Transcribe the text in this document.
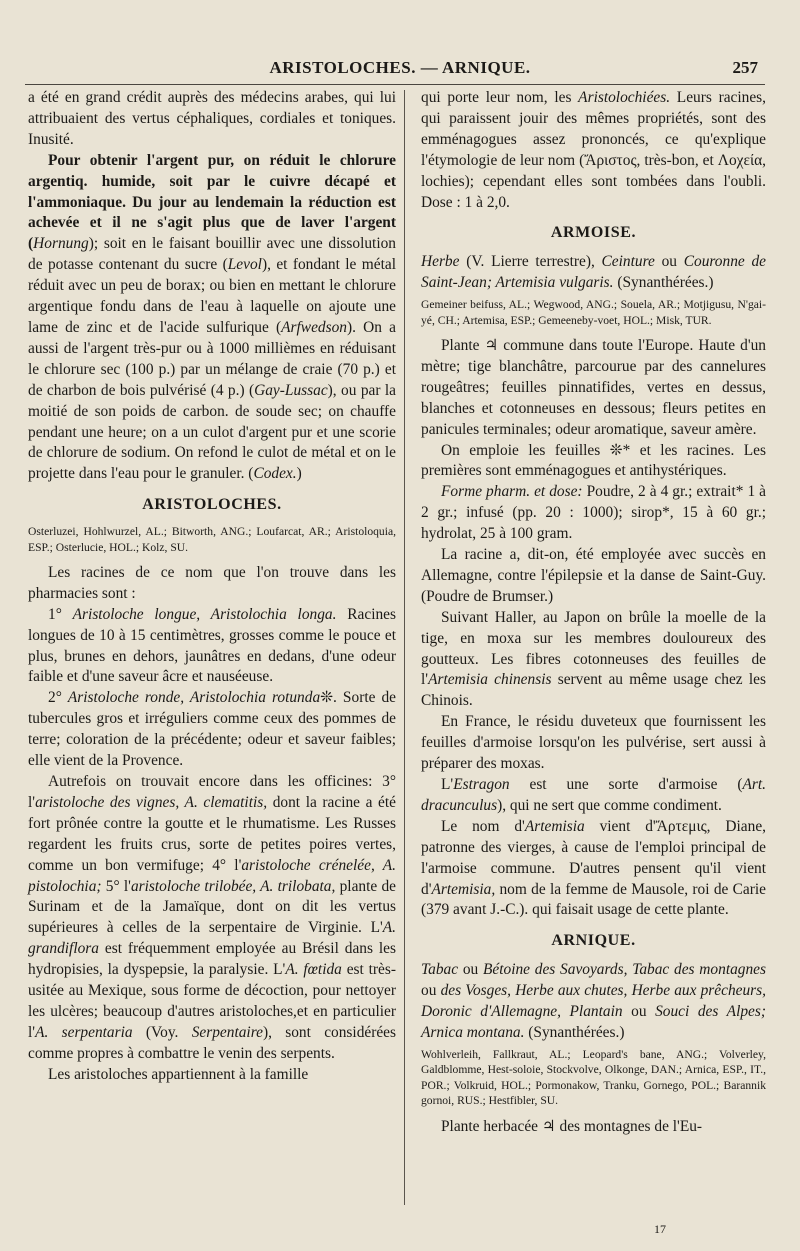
ARISTOLOCHES. — ARNIQUE.	257

a été en grand crédit auprès des médecins arabes, qui lui attribuaient des vertus céphaliques, cordiales et toniques. Inusité.

Pour obtenir l'argent pur, on réduit le chlorure argentiq. humide, soit par le cuivre décapé et l'ammoniaque. Du jour au lendemain la réduction est achevée et il ne s'agit plus que de laver l'argent (Hornung); soit en le faisant bouillir avec une dissolution de potasse contenant du sucre (Levol), et fondant le métal réduit avec un peu de borax; ou bien en mettant le chlorure argentique fondu dans de l'eau à laquelle on ajoute une lame de zinc et de l'acide sulfurique (Arfwedson). On a aussi de l'argent très-pur ou à 1000 millièmes en réduisant le chlorure sec (100 p.) par un mélange de craie (70 p.) et de charbon de bois pulvérisé (4 p.) (Gay-Lussac), ou par la moitié de son poids de carbon. de soude sec; on chauffe pendant une heure; on a un culot d'argent pur et une scorie de chlorure de sodium. On refond le culot de métal et on le projette dans l'eau pour le granuler. (Codex.)

ARISTOLOCHES.
Osterluzei, Hohlwurzel, AL.; Bitworth, ANG.; Loufarcat, AR.; Aristoloquia, ESP.; Osterlucie, HOL.; Kolz, SU.

Les racines de ce nom que l'on trouve dans les pharmacies sont :

1° Aristoloche longue, Aristolochia longa. Racines longues de 10 à 15 centimètres, grosses comme le pouce et plus, brunes en dehors, jaunâtres en dedans, d'une odeur faible et d'une saveur âcre et nauséeuse.

2° Aristoloche ronde, Aristolochia rotunda❊. Sorte de tubercules gros et irréguliers comme ceux des pommes de terre; coloration de la précédente; odeur et saveur faibles; elle vient de la Provence.

Autrefois on trouvait encore dans les officines: 3° l'aristoloche des vignes, A. clematitis, dont la racine a été fort prônée contre la goutte et le rhumatisme. Les Russes regardent les fruits crus, sorte de petites poires vertes, comme un bon vermifuge; 4° l'aristoloche crénelée, A. pistolochia; 5° l'aristoloche trilobée, A. trilobata, plante de Surinam et de la Jamaïque, dont on dit les vertus supérieures à celles de la serpentaire de Virginie. L'A. grandiflora est fréquemment employée au Brésil dans les hydropisies, la dyspepsie, la paralysie. L'A. fœtida est très-usitée au Mexique, sous forme de décoction, pour nettoyer les ulcères; beaucoup d'autres aristoloches,et en particulier l'A. serpentaria (Voy. Serpentaire), sont considérées comme propres à combattre le venin des serpents.

Les aristoloches appartiennent à la famille

qui porte leur nom, les Aristolochiées. Leurs racines, qui paraissent jouir des mêmes propriétés, sont des emménagogues assez prononcés, ce qu'explique l'étymologie de leur nom (Ἄριστος, très-bon, et Λοχεία, lochies); cependant elles sont tombées dans l'oubli. Dose : 1 à 2,0.

ARMOISE.

Herbe (V. Lierre terrestre), Ceinture ou Couronne de Saint-Jean; Artemisia vulgaris. (Synanthérées.)

Gemeiner beifuss, AL.; Wegwood, ANG.; Souela, AR.; Motjigusu, N'gai-yé, CH.; Artemisa, ESP.; Gemeeneby-voet, HOL.; Misk, TUR.

Plante ♃ commune dans toute l'Europe. Haute d'un mètre; tige blanchâtre, parcourue par des cannelures rougeâtres; feuilles pinnatifides, vertes en dessus, blanches et cotonneuses en dessous; fleurs petites en panicules terminales; odeur aromatique, saveur amère.

On emploie les feuilles ❊* et les racines. Les premières sont emménagogues et antihystériques.

Forme pharm. et dose: Poudre, 2 à 4 gr.; extrait* 1 à 2 gr.; infusé (pp. 20 : 1000); sirop*, 15 à 60 gr.; hydrolat, 25 à 100 gram.

La racine a, dit-on, été employée avec succès en Allemagne, contre l'épilepsie et la danse de Saint-Guy. (Poudre de Brumser.)

Suivant Haller, au Japon on brûle la moelle de la tige, en moxa sur les membres douloureux des goutteux. Les fibres cotonneuses des feuilles de l'Artemisia chinensis servent au même usage chez les Chinois.

En France, le résidu duveteux que fournissent les feuilles d'armoise lorsqu'on les pulvérise, sert aussi à préparer des moxas.

L'Estragon est une sorte d'armoise (Art. dracunculus), qui ne sert que comme condiment.

Le nom d'Artemisia vient d'Ἄρτεμις, Diane, patronne des vierges, à cause de l'emploi principal de l'armoise commune. D'autres pensent qu'il vient d'Artemisia, nom de la femme de Mausole, roi de Carie (379 avant J.-C.). qui faisait usage de cette plante.

ARNIQUE.

Tabac ou Bétoine des Savoyards, Tabac des montagnes ou des Vosges, Herbe aux chutes, Herbe aux prêcheurs, Doronic d'Allemagne, Plantain ou Souci des Alpes; Arnica montana. (Synanthérées.)

Wohlverleih, Fallkraut, AL.; Leopard's bane, ANG.; Volverley, Galdblomme, Hest-soloie, Stockvolve, Olkonge, DAN.; Arnica, ESP., IT., POR.; Volkruid, HOL.; Pormonakow, Tranku, Gornego, POL.; Barannik gornoi, RUS.; Hestfibler, SU.

Plante herbacée ♃ des montagnes de l'Eu-

17
